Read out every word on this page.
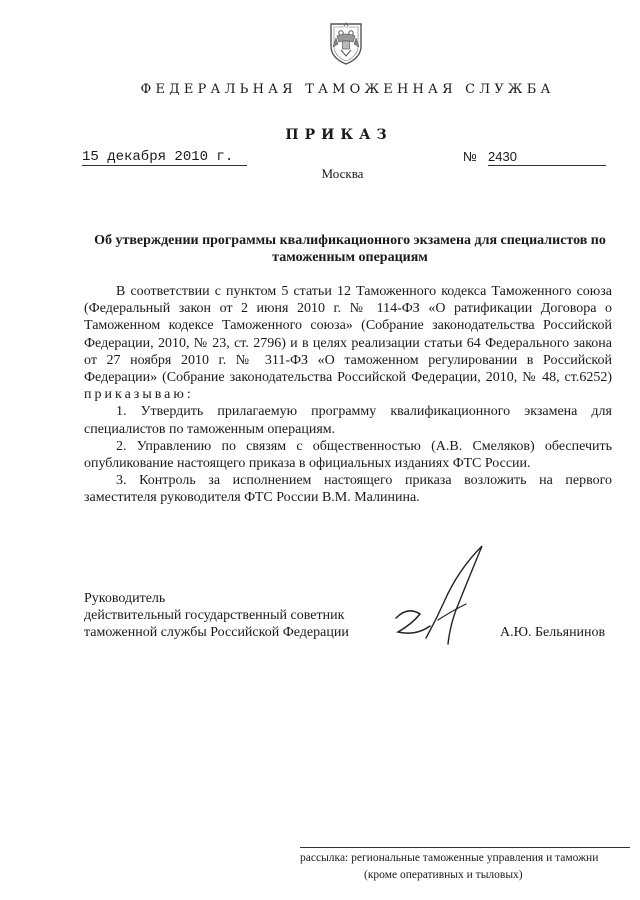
ФЕДЕРАЛЬНАЯ ТАМОЖЕННАЯ СЛУЖБА
ПРИКАЗ
15 декабря 2010 г.	№ 2430
Москва
Об утверждении программы квалификационного экзамена для специалистов по таможенным операциям

В соответствии с пунктом 5 статьи 12 Таможенного кодекса Таможенного союза (Федеральный закон от 2 июня 2010 г. № 114-ФЗ «О ратификации Договора о Таможенном кодексе Таможенного союза» (Собрание законодательства Российской Федерации, 2010, № 23, ст. 2796) и в целях реализации статьи 64 Федерального закона от 27 ноября 2010 г. № 311-ФЗ «О таможенном регулировании в Российской Федерации» (Собрание законодательства Российской Федерации, 2010, № 48, ст.6252) приказываю:

1. Утвердить прилагаемую программу квалификационного экзамена для специалистов по таможенным операциям.

2. Управлению по связям с общественностью (А.В. Смеляков) обеспечить опубликование настоящего приказа в официальных изданиях ФТС России.

3. Контроль за исполнением настоящего приказа возложить на первого заместителя руководителя ФТС России В.М. Малинина.

Руководитель
действительный государственный советник
таможенной службы Российской Федерации	А.Ю. Бельянинов
рассылка: региональные таможенные управления и таможни
(кроме оперативных и тыловых)
